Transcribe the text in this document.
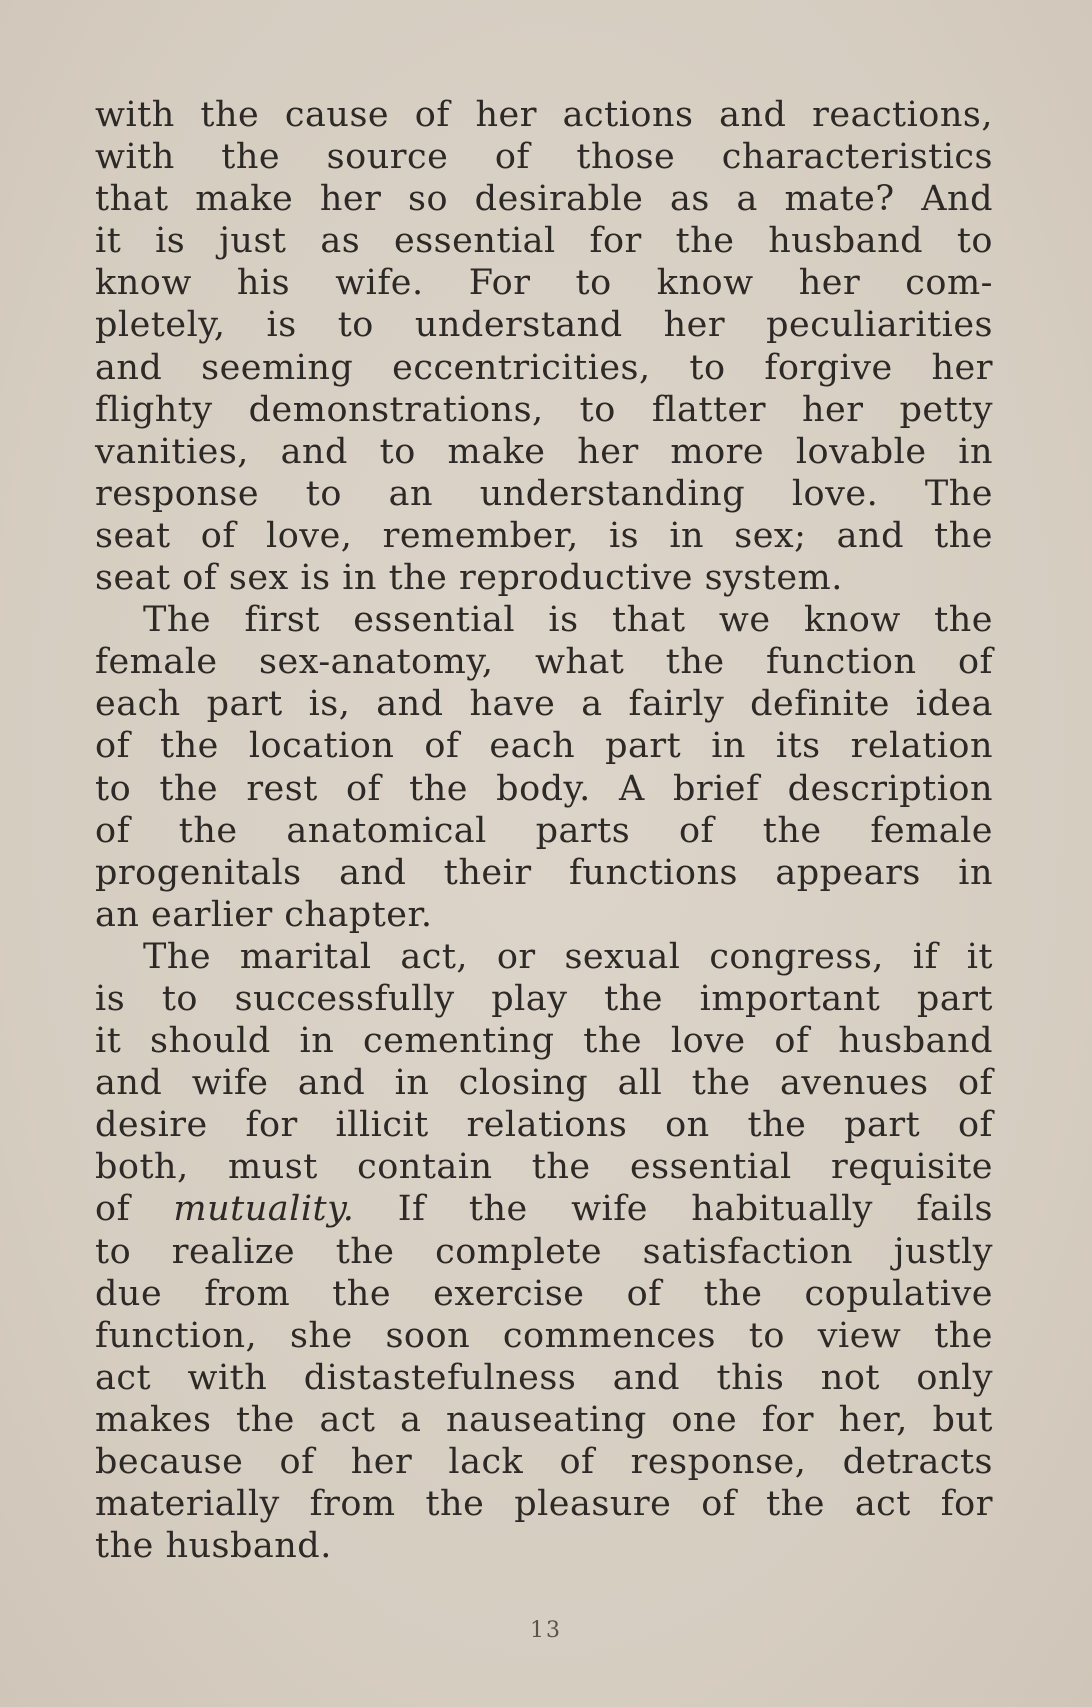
with the cause of her actions and reactions,
with the source of those characteristics
that make her so desirable as a mate? And
it is just as essential for the husband to
know his wife. For to know her com-
pletely, is to understand her peculiarities
and seeming eccentricities, to forgive her
flighty demonstrations, to flatter her petty
vanities, and to make her more lovable in
response to an understanding love. The
seat of love, remember, is in sex; and the
seat of sex is in the reproductive system.
The first essential is that we know the
female sex-anatomy, what the function of
each part is, and have a fairly definite idea
of the location of each part in its relation
to the rest of the body. A brief description
of the anatomical parts of the female
progenitals and their functions appears in
an earlier chapter.
The marital act, or sexual congress, if it
is to successfully play the important part
it should in cementing the love of husband
and wife and in closing all the avenues of
desire for illicit relations on the part of
both, must contain the essential requisite
of mutuality. If the wife habitually fails
to realize the complete satisfaction justly
due from the exercise of the copulative
function, she soon commences to view the
act with distastefulness and this not only
makes the act a nauseating one for her, but
because of her lack of response, detracts
materially from the pleasure of the act for
the husband.
13
